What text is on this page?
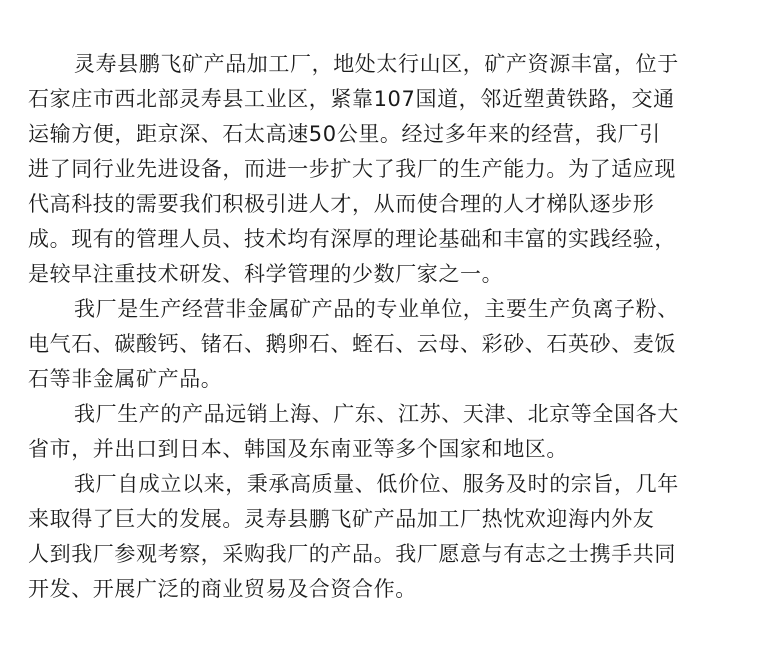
灵寿县鹏飞矿产品加工厂，地处太行山区，矿产资源丰富，位于
石家庄市西北部灵寿县工业区，紧靠107国道，邻近塑黄铁路，交通
运输方便，距京深、石太高速50公里。经过多年来的经营，我厂引
进了同行业先进设备，而进一步扩大了我厂的生产能力。为了适应现
代高科技的需要我们积极引进人才，从而使合理的人才梯队逐步形
成。现有的管理人员、技术均有深厚的理论基础和丰富的实践经验，
是较早注重技术研发、科学管理的少数厂家之一。
我厂是生产经营非金属矿产品的专业单位，主要生产负离子粉、
电气石、碳酸钙、锗石、鹅卵石、蛭石、云母、彩砂、石英砂、麦饭
石等非金属矿产品。
我厂生产的产品远销上海、广东、江苏、天津、北京等全国各大
省市，并出口到日本、韩国及东南亚等多个国家和地区。
我厂自成立以来，秉承高质量、低价位、服务及时的宗旨，几年
来取得了巨大的发展。灵寿县鹏飞矿产品加工厂热忱欢迎海内外友
人到我厂参观考察，采购我厂的产品。我厂愿意与有志之士携手共同
开发、开展广泛的商业贸易及合资合作。
